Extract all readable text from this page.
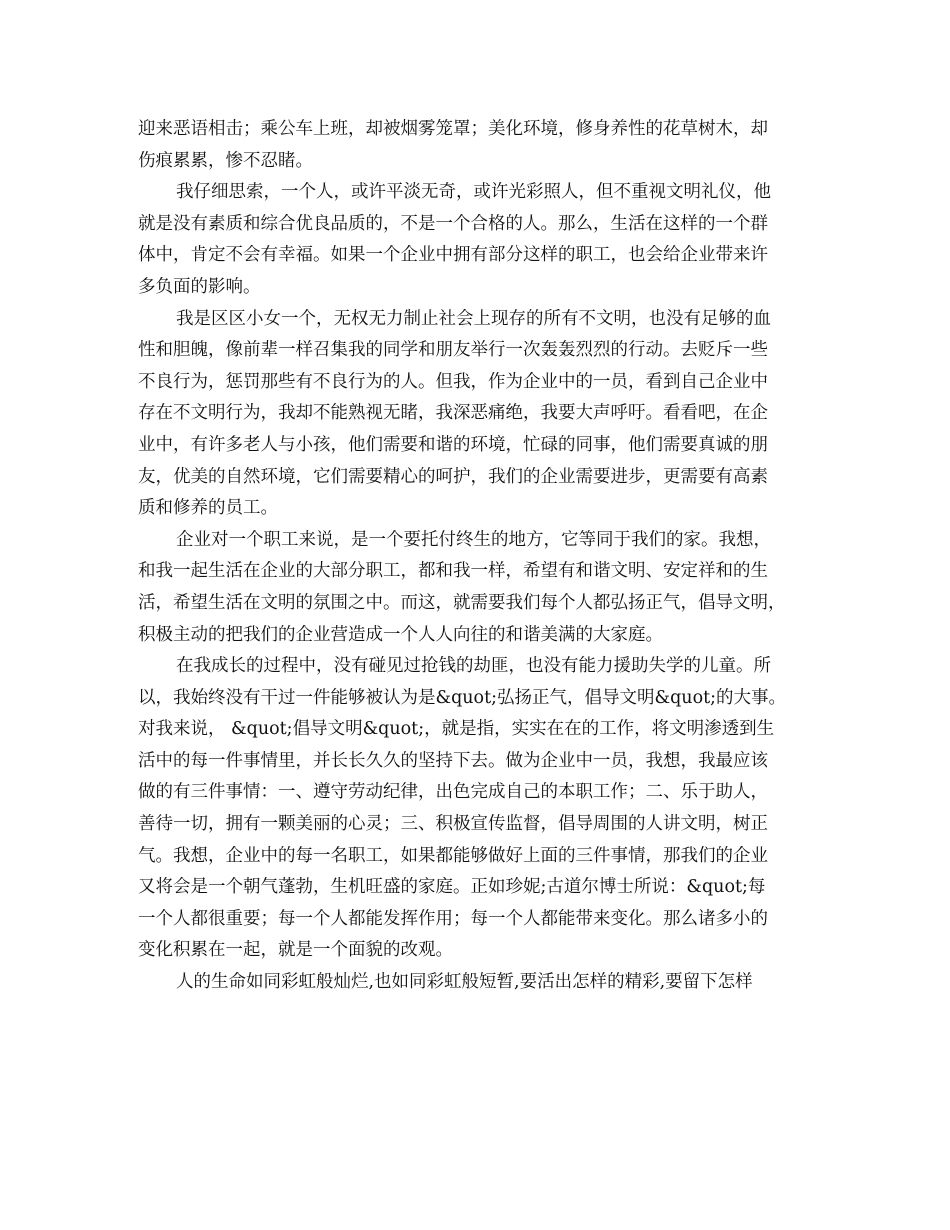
迎来恶语相击；乘公车上班，却被烟雾笼罩；美化环境，修身养性的花草树木，却
伤痕累累，惨不忍睹。
我仔细思索，一个人，或许平淡无奇，或许光彩照人，但不重视文明礼仪，他
就是没有素质和综合优良品质的，不是一个合格的人。那么，生活在这样的一个群
体中，肯定不会有幸福。如果一个企业中拥有部分这样的职工，也会给企业带来许
多负面的影响。
我是区区小女一个，无权无力制止社会上现存的所有不文明，也没有足够的血
性和胆魄，像前辈一样召集我的同学和朋友举行一次轰轰烈烈的行动。去贬斥一些
不良行为，惩罚那些有不良行为的人。但我，作为企业中的一员，看到自己企业中
存在不文明行为，我却不能熟视无睹，我深恶痛绝，我要大声呼吁。看看吧，在企
业中，有许多老人与小孩，他们需要和谐的环境，忙碌的同事，他们需要真诚的朋
友，优美的自然环境，它们需要精心的呵护，我们的企业需要进步，更需要有高素
质和修养的员工。
企业对一个职工来说，是一个要托付终生的地方，它等同于我们的家。我想，
和我一起生活在企业的大部分职工，都和我一样，希望有和谐文明、安定祥和的生
活，希望生活在文明的氛围之中。而这，就需要我们每个人都弘扬正气，倡导文明，
积极主动的把我们的企业营造成一个人人向往的和谐美满的大家庭。
在我成长的过程中，没有碰见过抢钱的劫匪，也没有能力援助失学的儿童。所
以，我始终没有干过一件能够被认为是&quot;弘扬正气，倡导文明&quot;的大事。
对我来说， &quot;倡导文明&quot;，就是指，实实在在的工作，将文明渗透到生
活中的每一件事情里，并长长久久的坚持下去。做为企业中一员，我想，我最应该
做的有三件事情：一、遵守劳动纪律，出色完成自己的本职工作；二、乐于助人，
善待一切，拥有一颗美丽的心灵；三、积极宣传监督，倡导周围的人讲文明，树正
气。我想，企业中的每一名职工，如果都能够做好上面的三件事情，那我们的企业
又将会是一个朝气蓬勃，生机旺盛的家庭。正如珍妮;古道尔博士所说：&quot;每
一个人都很重要；每一个人都能发挥作用；每一个人都能带来变化。那么诸多小的
变化积累在一起，就是一个面貌的改观。
人的生命如同彩虹般灿烂,也如同彩虹般短暂,要活出怎样的精彩,要留下怎样
